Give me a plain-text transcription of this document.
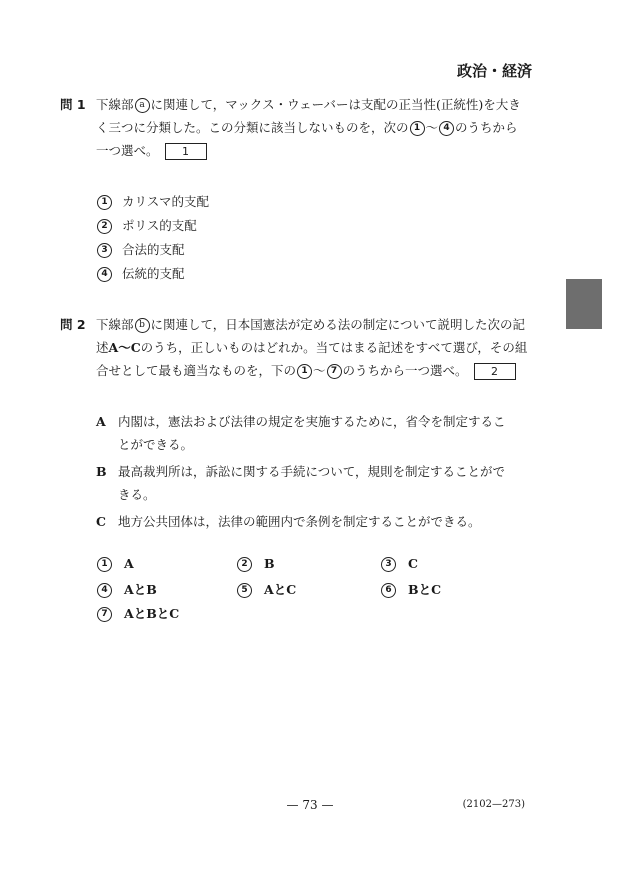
政治・経済
問 1 下線部 a に関連して，マックス・ウェーバーは支配の正当性(正統性)を大きく三つに分類した。この分類に該当しないものを，次の 1 ～ 4 のうちから一つ選べ。 1
1 カリスマ的支配
2 ポリス的支配
3 合法的支配
4 伝統的支配
問 2 下線部 b に関連して，日本国憲法が定める法の制定について説明した次の記述A～Cのうち，正しいものはどれか。当てはまる記述をすべて選び，その組合せとして最も適当なものを，下の 1 ～ 7 のうちから一つ選べ。 2
A 内閣は，憲法および法律の規定を実施するために，省令を制定することができる。
B 最高裁判所は，訴訟に関する手続について，規則を制定することができる。
C 地方公共団体は，法律の範囲内で条例を制定することができる。
1 A	2 B	3 C
4 AとB	5 AとC	6 BとC
7 AとBとC
— 73 —	(2102—273)
